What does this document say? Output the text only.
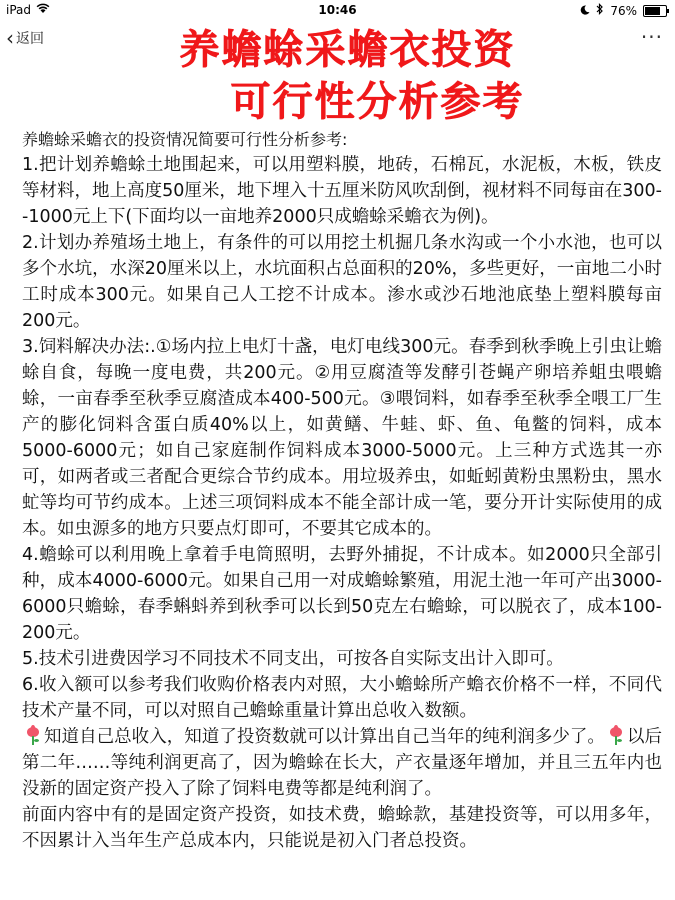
iPad	10:46	76%
‹ 返回	···
养蟾蜍采蟾衣投资
可行性分析参考

养蟾蜍采蟾衣的投资情况简要可行性分析参考:

1.把计划养蟾蜍土地围起来，可以用塑料膜，地砖，石棉瓦，水泥板，木板，铁皮等材料，地上高度50厘米，地下埋入十五厘米防风吹刮倒，视材料不同每亩在300--1000元上下(下面均以一亩地养2000只成蟾蜍采蟾衣为例)。

2.计划办养殖场土地上，有条件的可以用挖土机掘几条水沟或一个小水池，也可以多个水坑，水深20厘米以上，水坑面积占总面积的20%，多些更好，一亩地二小时工时成本300元。如果自己人工挖不计成本。渗水或沙石地池底垫上塑料膜每亩200元。

3.饲料解决办法:.①场内拉上电灯十盏，电灯电线300元。春季到秋季晚上引虫让蟾蜍自食，每晚一度电费，共200元。②用豆腐渣等发酵引苍蝇产卵培养蛆虫喂蟾蜍，一亩春季至秋季豆腐渣成本400-500元。③喂饲料，如春季至秋季全喂工厂生产的膨化饲料含蛋白质40%以上，如黄鳝、牛蛙、虾、鱼、龟鳖的饲料，成本5000-6000元；如自己家庭制作饲料成本3000-5000元。上三种方式选其一亦可，如两者或三者配合更综合节约成本。用垃圾养虫，如蚯蚓黄粉虫黑粉虫，黑水虻等均可节约成本。上述三项饲料成本不能全部计成一笔，要分开计实际使用的成本。如虫源多的地方只要点灯即可，不要其它成本的。

4.蟾蜍可以利用晚上拿着手电筒照明，去野外捕捉，不计成本。如2000只全部引种，成本4000-6000元。如果自己用一对成蟾蜍繁殖，用泥土池一年可产出3000-6000只蟾蜍，春季蝌蚪养到秋季可以长到50克左右蟾蜍，可以脱衣了，成本100-200元。

5.技术引进费因学习不同技术不同支出，可按各自实际支出计入即可。

6.收入额可以参考我们收购价格表内对照，大小蟾蜍所产蟾衣价格不一样，不同代技术产量不同，可以对照自己蟾蜍重量计算出总收入数额。

知道自己总收入，知道了投资数就可以计算出自己当年的纯利润多少了。 以后第二年……等纯利润更高了，因为蟾蜍在长大，产衣量逐年增加，并且三五年内也没新的固定资产投入了除了饲料电费等都是纯利润了。

前面内容中有的是固定资产投资，如技术费，蟾蜍款，基建投资等，可以用多年，不因累计入当年生产总成本内，只能说是初入门者总投资。
